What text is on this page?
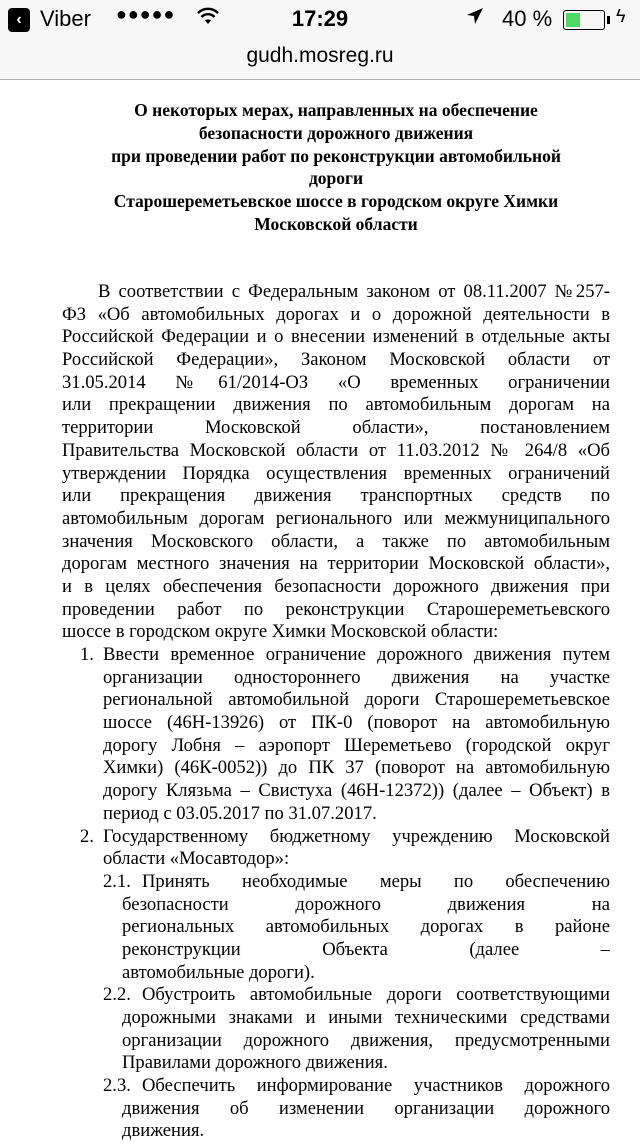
‹ Viber ●●●●●	17:29	40 %	ϟ
gudh.mosreg.ru
О некоторых мерах, направленных на обеспечение
безопасности дорожного движения
при проведении работ по реконструкции автомобильной
дороги
Старошереметьевское шоссе в городском округе Химки
Московской области
В соответствии с Федеральным законом от 08.11.2007 №257-
ФЗ «Об автомобильных дорогах и о дорожной деятельности в
Российской Федерации и о внесении изменений в отдельные акты
Российской Федерации», Законом Московской области от
31.05.2014 №61/2014-ОЗ «О временных ограничении
или прекращении движения по автомобильным дорогам на
территории Московской области», постановлением
Правительства Московской области от 11.03.2012 № 264/8 «Об
утверждении Порядка осуществления временных ограничений
или прекращения движения транспортных средств по
автомобильным дорогам регионального или межмуниципального
значения Московского области, а также по автомобильным
дорогам местного значения на территории Московской области»,
и в целях обеспечения безопасности дорожного движения при
проведении работ по реконструкции Старошереметьевского
шоссе в городском округе Химки Московской области:
1. Ввести временное ограничение дорожного движения путем
организации одностороннего движения на участке
региональной автомобильной дороги Старошереметьевское
шоссе (46Н-13926) от ПК-0 (поворот на автомобильную
дорогу Лобня – аэропорт Шереметьево (городской округ
Химки) (46К-0052)) до ПК 37 (поворот на автомобильную
дорогу Клязьма – Свистуха (46Н-12372)) (далее – Объект) в
период с 03.05.2017 по 31.07.2017.
2. Государственному бюджетному учреждению Московской
области «Мосавтодор»:
2.1. Принять необходимые меры по обеспечению
безопасности дорожного движения на
региональных автомобильных дорогах в районе
реконструкции Объекта (далее –
автомобильные дороги).
2.2. Обустроить автомобильные дороги соответствующими
дорожными знаками и иными техническими средствами
организации дорожного движения, предусмотренными
Правилами дорожного движения.
2.3. Обеспечить информирование участников дорожного
движения об изменении организации дорожного
движения.
